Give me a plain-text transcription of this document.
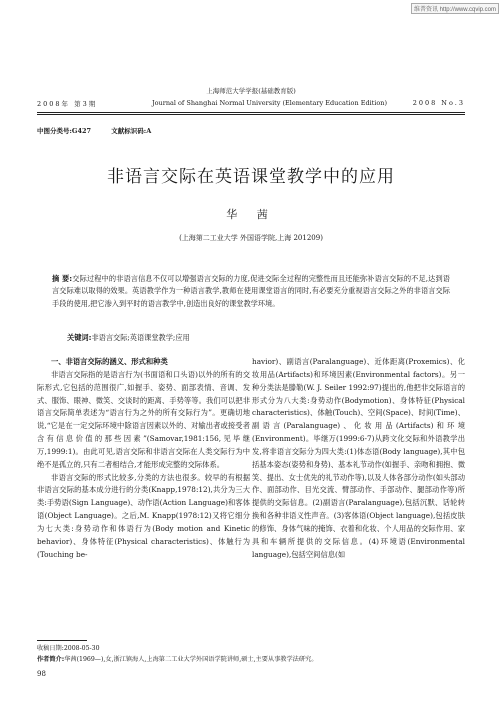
维普资讯 http://www.cqvip.com
上海师范大学学报(基础教育版)
2008年 第3期	Journal of Shanghai Normal University (Elementary Education Edition)	2008 No.3
中图分类号:G427	文献标识码:A
非语言交际在英语课堂教学中的应用
华 茜
(上海第二工业大学 外国语学院,上海 201209)
摘 要:交际过程中的非语言信息不仅可以增强语言交际的力度,促进交际全过程的完整性而且还能弥补语言交际的不足,达到语言交际难以取得的效果。英语教学作为一种语言教学,教师在使用课堂语言的同时,有必要充分重视语言交际之外的非语言交际手段的使用,把它渗入到平时的语言教学中,创造出良好的课堂教学环境。
关键词:非语言交际;英语课堂教学;应用

一、非语言交际的涵义、形式和种类

非语言交际指的是语言行为(书面语和口头语)以外的所有的交际形式,它包括的范围很广,如握手、姿势、面部表情、音调、发式、服饰、眼神、微笑、交谈时的距离、手势等等。我们可以把非语言交际简单表述为“语言行为之外的所有交际行为”。更确切地说,“它是在一定交际环境中除语言因素以外的、对输出者或接受者含有信息价值的那些因素”(Samovar,1981:156,见毕继万,1999:1)。由此可见,语言交际和非语言交际在人类交际行为中绝不是孤立的,只有二者相结合,才能形成完整的交际体系。

非语言交际的形式比较多,分类的方法也很多。较早的有根据非语言交际的基本成分进行的分类(Knapp,1978:12),共分为三大类:手势语(Sign Language)、动作语(Action Language)和客体语(Object Language)。之后,M. Knapp(1978:12)又将它细分为七大类:身势动作和体语行为(Body motion and Kinetic behavior)、身体特征(Physical characteristics)、体触行为(Touching be-

havior)、副语言(Paralanguage)、近体距离(Proxemics)、化妆用品(Artifacts)和环境因素(Environmental factors)。另一种分类法是滕勒(W. J. Seiler 1992:97)提出的,他把非交际语言的形式分为八大类:身势动作(Bodymotion)、身体特征(Physical characteristics)、体触(Touch)、空间(Space)、时间(Time)、副语言(Paralanguage)、化妆用品(Artifacts)和环境(Environment)。毕继万(1999:6-7)从跨文化交际和外语教学出发,将非语言交际分为四大类:(1)体态语(Body language),其中包括基本姿态(姿势和身势)、基本礼节动作(如握手、亲吻和拥抱、微笑、提出、女士优先的礼节动作等),以及人体各部分动作(如头部动作、面部动作、目光交流、臂部动作、手部动作、腿部动作等)所提供的交际信息。(2)副语言(Paralanguage),包括沉默、话轮转换和各种非语义性声音。(3)客体语(Object language),包括皮肤的修饰、身体气味的掩饰、衣着和化妆、个人用品的交际作用、家具和车辆所提供的交际信息。(4)环境语(Environmental language),包括空间信息(如

收稿日期:2008-05-30
作者简介:华茜(1969—),女,浙江镇海人,上海第二工业大学外国语学院讲师,硕士,主要从事教学法研究。
98
